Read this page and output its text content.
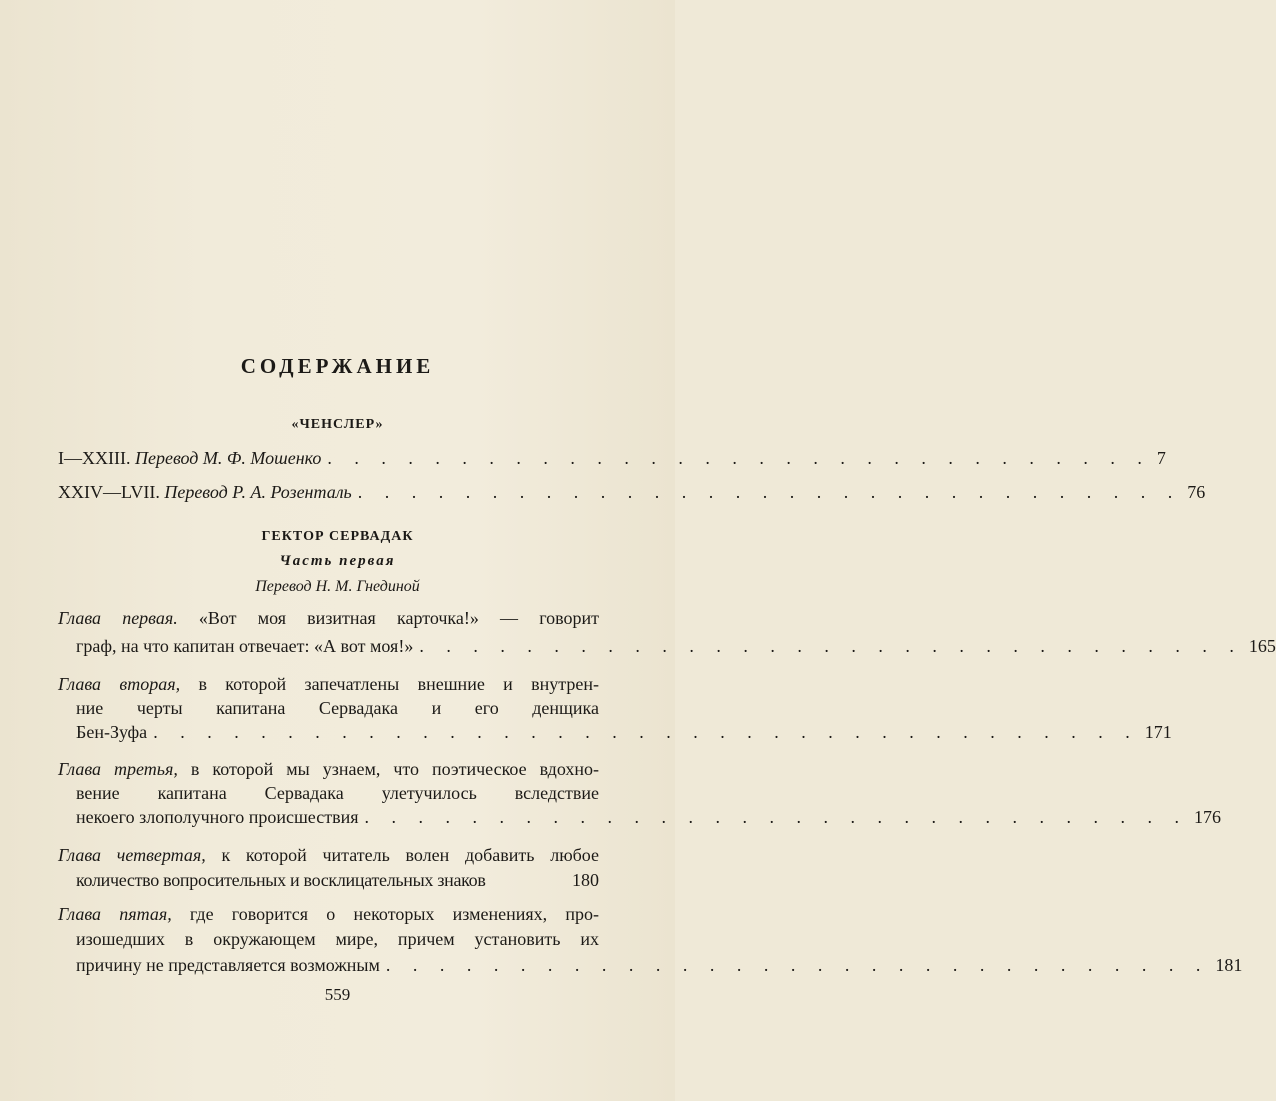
СОДЕРЖАНИЕ
«ЧЕНСЛЕР»
I—XXIII. Перевод М. Ф. Мошенко . . . . . . . . . . . . . . . . . . . . . . . . . . . . . . . 7
XXIV—LVII. Перевод Р. А. Розенталь . . . . . . . . . . . . . . . . . . . . . . . . . . . . . . . 76
ГЕКТОР СЕРВАДАК
Часть первая
Перевод Н. М. Гнединой
Глава первая. «Вот моя визитная карточка!» — говорит
граф, на что капитан отвечает: «А вот моя!» . . . . . . . . . . . . . . . . . . . . . . . . . . . . . . . 165
Глава вторая, в которой запечатлены внешние и внутрен-
ние черты капитана Сервадака и его денщика
Бен-Зуфа . . . . . . . . . . . . . . . . . . . . . . . . . . . . . . . . . . . . . 171
Глава третья, в которой мы узнаем, что поэтическое вдохно-
вение капитана Сервадака улетучилось вследствие
некоего злополучного происшествия . . . . . . . . . . . . . . . . . . . . . . . . . . . . . . . 176
Глава четвертая, к которой читатель волен добавить любое
количество вопросительных и восклицательных знаков	180
Глава пятая, где говорится о некоторых изменениях, про-
изошедших в окружающем мире, причем установить их
причину не представляется возможным . . . . . . . . . . . . . . . . . . . . . . . . . . . . . . . 181
559
